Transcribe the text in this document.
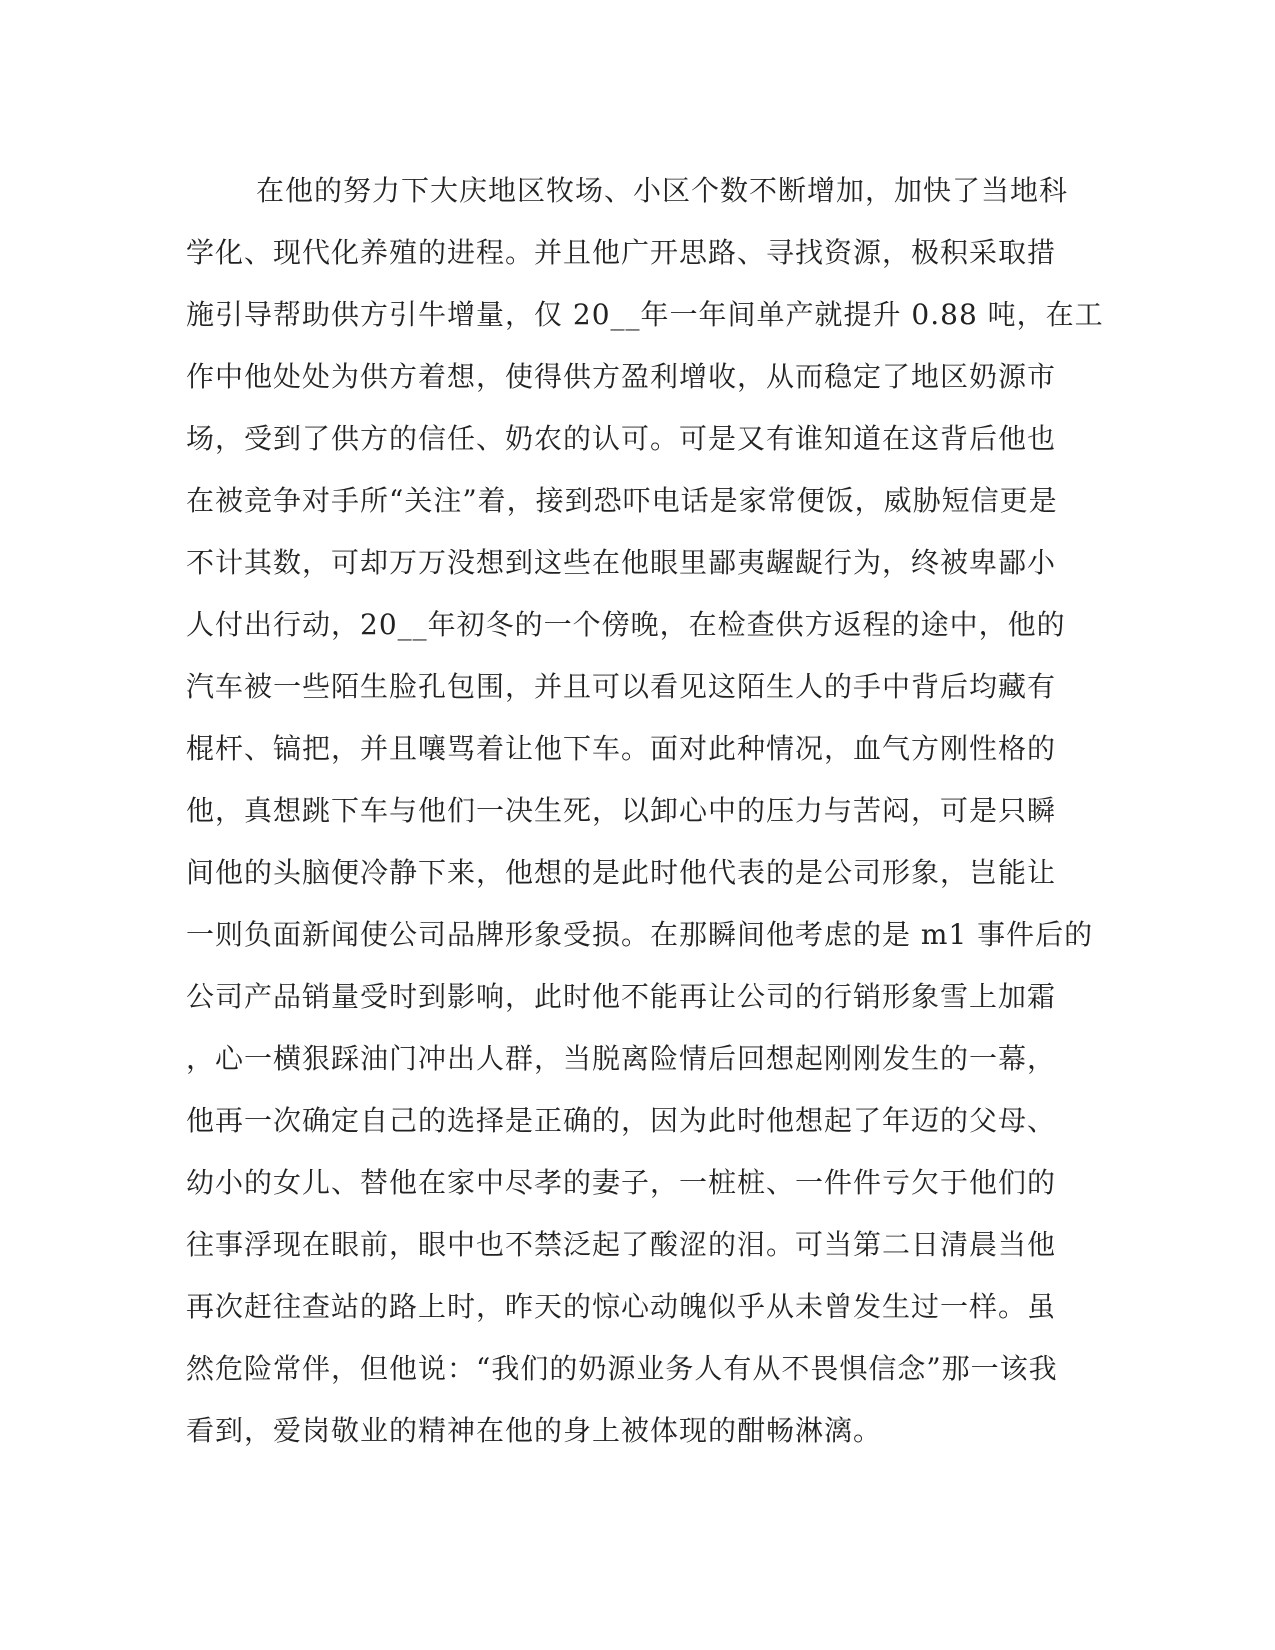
在他的努力下大庆地区牧场、小区个数不断增加，加快了当地科
学化、现代化养殖的进程。并且他广开思路、寻找资源，极积采取措
施引导帮助供方引牛增量，仅 20__年一年间单产就提升 0.88 吨，在工
作中他处处为供方着想，使得供方盈利增收，从而稳定了地区奶源市
场，受到了供方的信任、奶农的认可。可是又有谁知道在这背后他也
在被竞争对手所“关注”着，接到恐吓电话是家常便饭，威胁短信更是
不计其数，可却万万没想到这些在他眼里鄙夷龌龊行为，终被卑鄙小
人付出行动，20__年初冬的一个傍晚，在检查供方返程的途中，他的
汽车被一些陌生脸孔包围，并且可以看见这陌生人的手中背后均藏有
棍杆、镐把，并且嚷骂着让他下车。面对此种情况，血气方刚性格的
他，真想跳下车与他们一决生死，以卸心中的压力与苦闷，可是只瞬
间他的头脑便冷静下来，他想的是此时他代表的是公司形象，岂能让
一则负面新闻使公司品牌形象受损。在那瞬间他考虑的是 m1 事件后的
公司产品销量受时到影响，此时他不能再让公司的行销形象雪上加霜
，心一横狠踩油门冲出人群，当脱离险情后回想起刚刚发生的一幕，
他再一次确定自己的选择是正确的，因为此时他想起了年迈的父母、
幼小的女儿、替他在家中尽孝的妻子，一桩桩、一件件亏欠于他们的
往事浮现在眼前，眼中也不禁泛起了酸涩的泪。可当第二日清晨当他
再次赶往查站的路上时，昨天的惊心动魄似乎从未曾发生过一样。虽
然危险常伴，但他说：“我们的奶源业务人有从不畏惧信念”那一该我
看到，爱岗敬业的精神在他的身上被体现的酣畅淋漓。
